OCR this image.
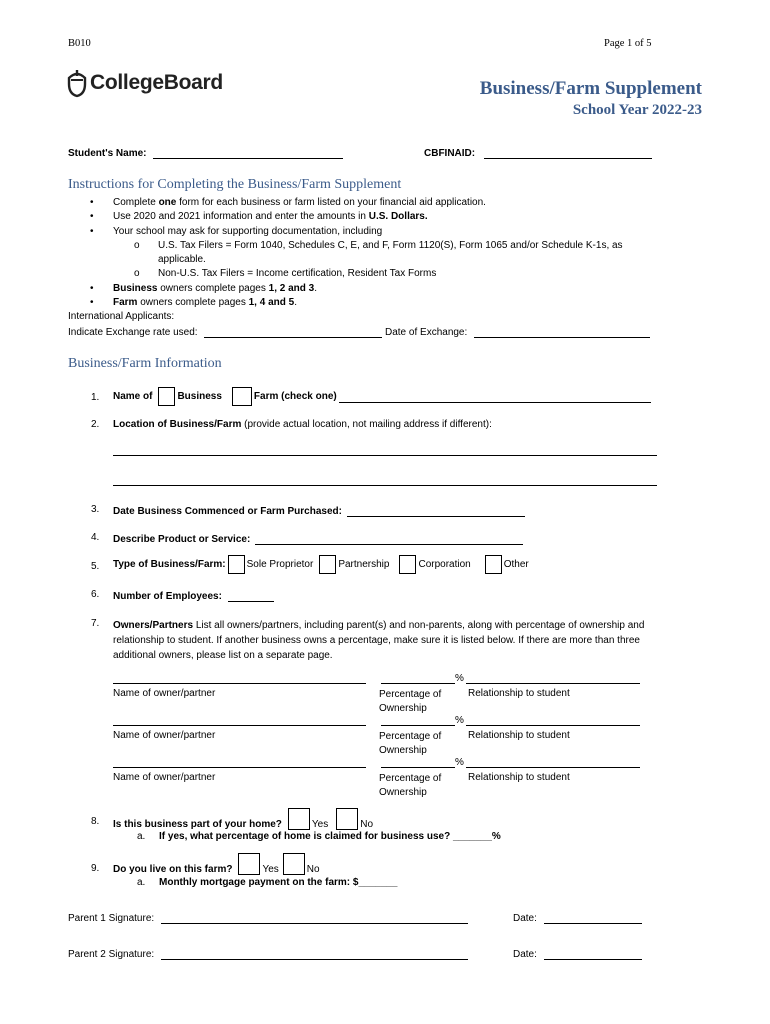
B010	Page 1 of 5
CollegeBoard	Business/Farm Supplement
School Year 2022-23
Student's Name:	CBFINAID:
Instructions for Completing the Business/Farm Supplement
• Complete one form for each business or farm listed on your financial aid application.
• Use 2020 and 2021 information and enter the amounts in U.S. Dollars.
• Your school may ask for supporting documentation, including
o U.S. Tax Filers = Form 1040, Schedules C, E, and F, Form 1120(S), Form 1065 and/or Schedule K-1s, as applicable.
o Non-U.S. Tax Filers = Income certification, Resident Tax Forms
• Business owners complete pages 1, 2 and 3.
• Farm owners complete pages 1, 4 and 5.
International Applicants:
Indicate Exchange rate used:	Date of Exchange:
Business/Farm Information
1. Name of	Business	Farm (check one)
2. Location of Business/Farm (provide actual location, not mailing address if different):
3. Date Business Commenced or Farm Purchased:
4. Describe Product or Service:
5. Type of Business/Farm: Sole Proprietor	Partnership	Corporation	Other
6. Number of Employees:
7. Owners/Partners List all owners/partners, including parent(s) and non-parents, along with percentage of ownership and relationship to student. If another business owns a percentage, make sure it is listed below. If there are more than three additional owners, please list on a separate page.
Name of owner/partner
%
Percentage of
Ownership
Relationship to student
Name of owner/partner
%
Percentage of
Ownership
Relationship to student
Name of owner/partner
%
Percentage of
Ownership
Relationship to student
8. Is this business part of your home?	Yes	No
a. If yes, what percentage of home is claimed for business use? _______%
9. Do you live on this farm?	Yes	No
a. Monthly mortgage payment on the farm: $_______
Parent 1 Signature:	Date:
Parent 2 Signature:	Date:
